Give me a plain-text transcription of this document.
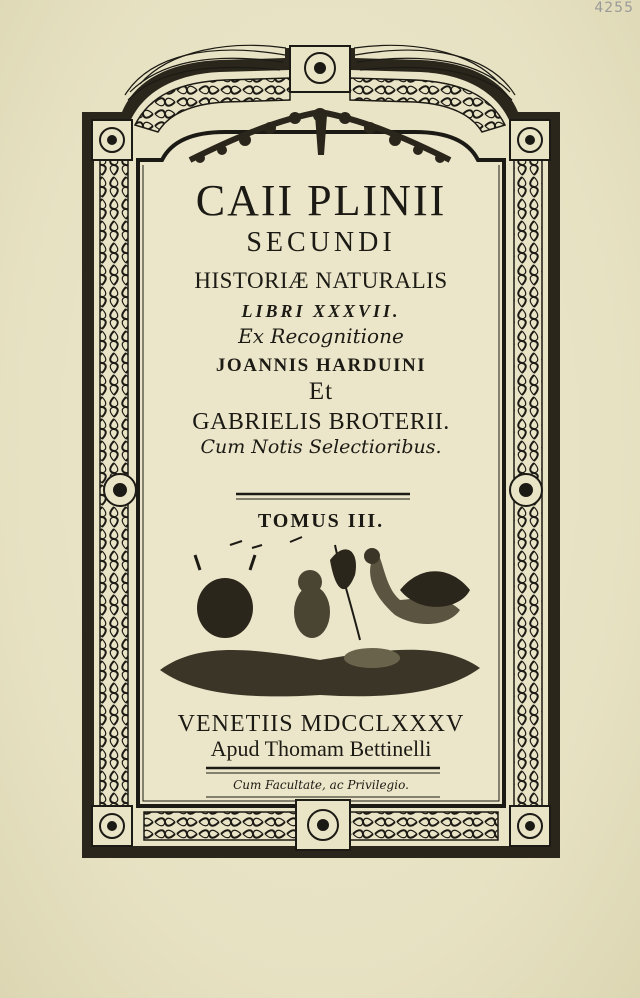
4255
CAII PLINII
SECUNDI
HISTORIÆ NATURALIS
LIBRI XXXVII.
Ex Recognitione
JOANNIS HARDUINI
Et
GABRIELIS BROTERII.
Cum Notis Selectioribus.
TOMUS III.
VENETIIS MDCCLXXXV
Apud Thomam Bettinelli
Cum Facultate, ac Privilegio.
